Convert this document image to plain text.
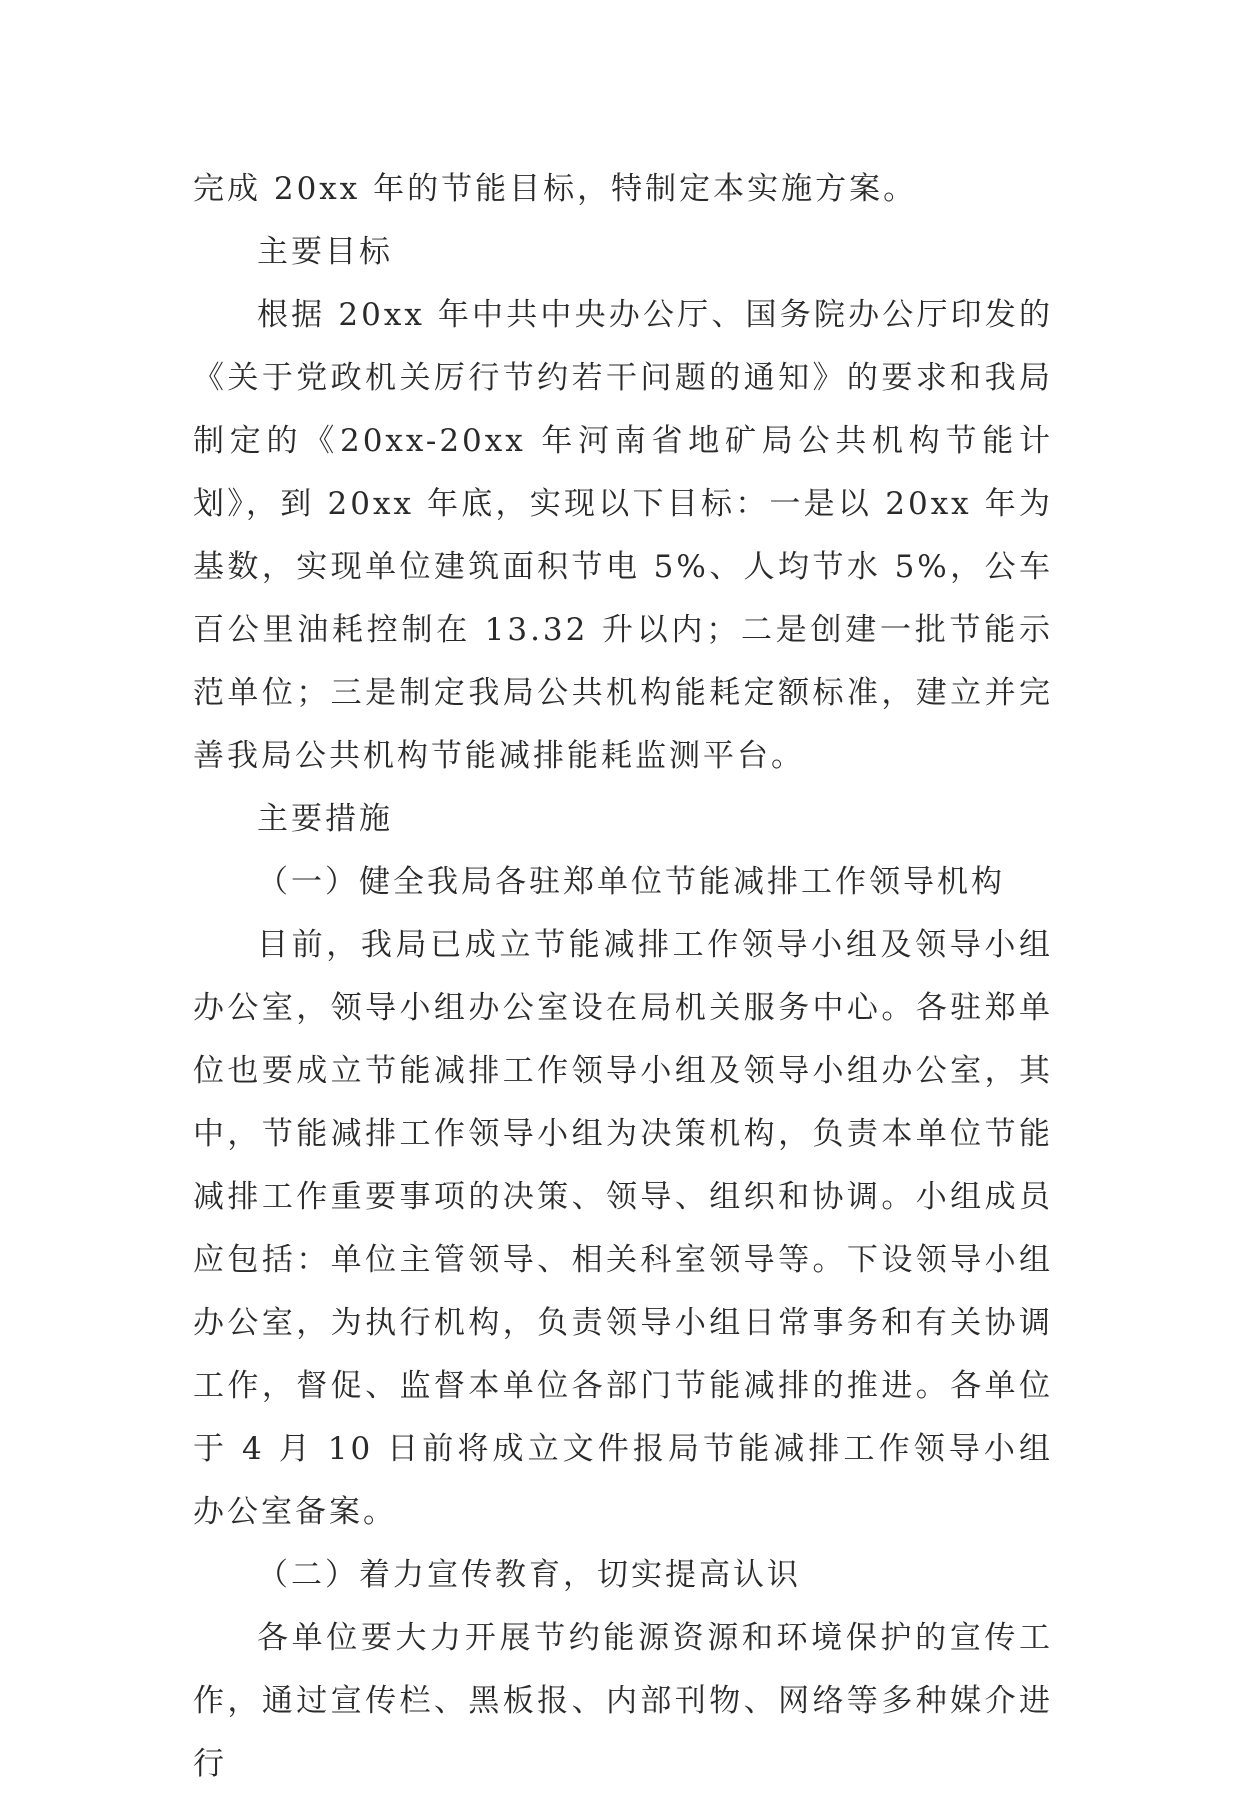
完成 20xx 年的节能目标，特制定本实施方案。

主要目标

根据 20xx 年中共中央办公厅、国务院办公厅印发的《关于党政机关厉行节约若干问题的通知》的要求和我局制定的《20xx-20xx 年河南省地矿局公共机构节能计划》，到 20xx 年底，实现以下目标：一是以 20xx 年为基数，实现单位建筑面积节电 5%、人均节水 5%，公车百公里油耗控制在 13.32 升以内；二是创建一批节能示范单位；三是制定我局公共机构能耗定额标准，建立并完善我局公共机构节能减排能耗监测平台。

主要措施

（一）健全我局各驻郑单位节能减排工作领导机构

目前，我局已成立节能减排工作领导小组及领导小组办公室，领导小组办公室设在局机关服务中心。各驻郑单位也要成立节能减排工作领导小组及领导小组办公室，其中，节能减排工作领导小组为决策机构，负责本单位节能减排工作重要事项的决策、领导、组织和协调。小组成员应包括：单位主管领导、相关科室领导等。下设领导小组办公室，为执行机构，负责领导小组日常事务和有关协调工作，督促、监督本单位各部门节能减排的推进。各单位于 4 月 10 日前将成立文件报局节能减排工作领导小组办公室备案。

（二）着力宣传教育，切实提高认识

各单位要大力开展节约能源资源和环境保护的宣传工作，通过宣传栏、黑板报、内部刊物、网络等多种媒介进行
